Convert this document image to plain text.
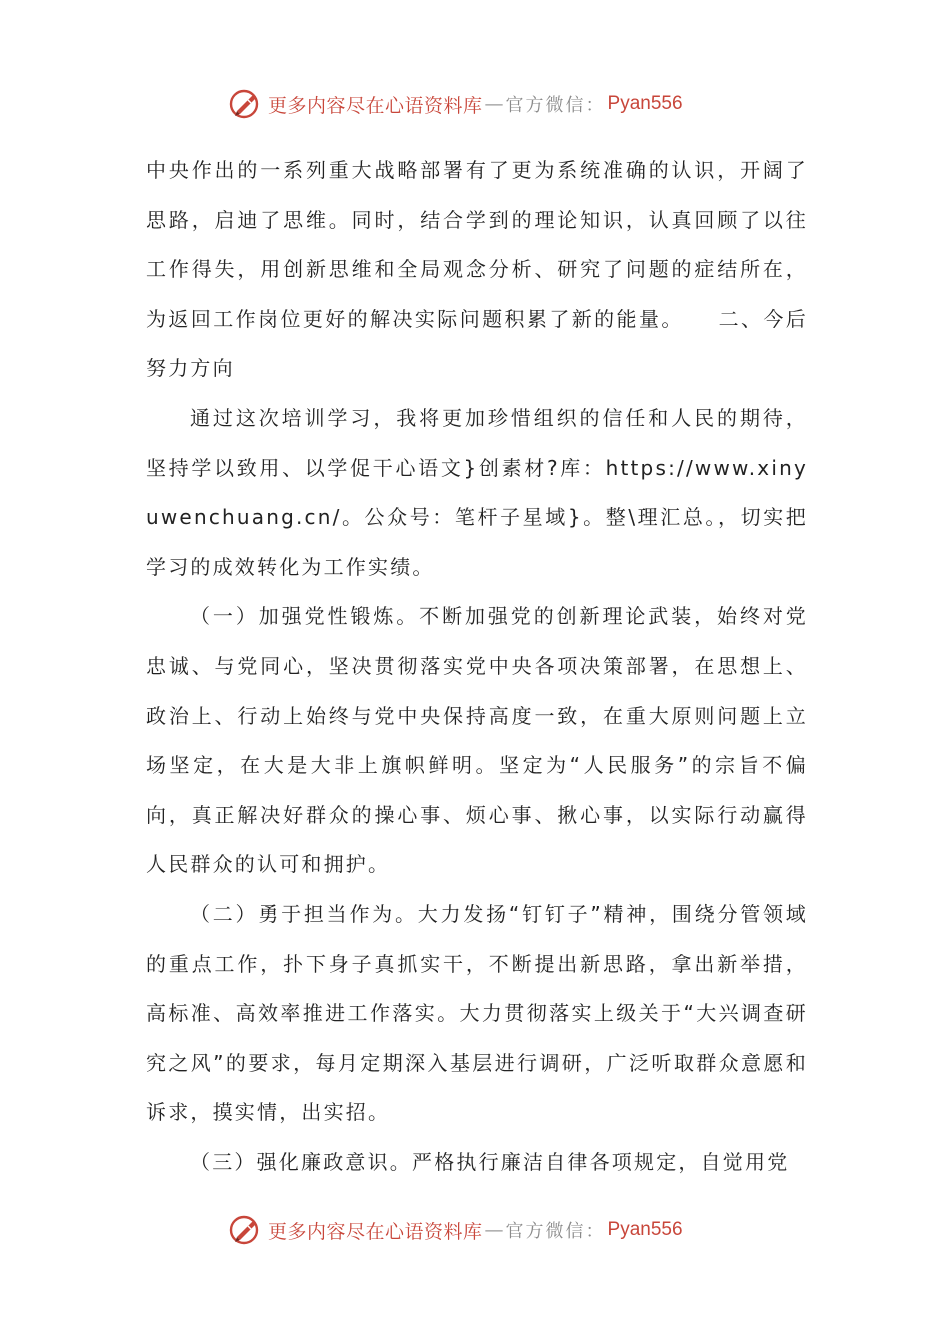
更多内容尽在心语资料库 — 官方微信： Pyan556

中央作出的一系列重大战略部署有了更为系统准确的认识，开阔了思路，启迪了思维。同时，结合学到的理论知识，认真回顾了以往工作得失，用创新思维和全局观念分析、研究了问题的症结所在，为返回工作岗位更好的解决实际问题积累了新的能量。　　二、今后努力方向

通过这次培训学习，我将更加珍惜组织的信任和人民的期待，坚持学以致用、以学促干心语文}创素材?库：https://www.xinyuwenchuang.cn/。公众号：笔杆子星域}。整\理汇总。，切实把学习的成效转化为工作实绩。

（一）加强党性锻炼。不断加强党的创新理论武装，始终对党忠诚、与党同心，坚决贯彻落实党中央各项决策部署，在思想上、政治上、行动上始终与党中央保持高度一致，在重大原则问题上立场坚定，在大是大非上旗帜鲜明。坚定为“人民服务”的宗旨不偏向，真正解决好群众的操心事、烦心事、揪心事，以实际行动赢得人民群众的认可和拥护。

（二）勇于担当作为。大力发扬“钉钉子”精神，围绕分管领域的重点工作，扑下身子真抓实干，不断提出新思路，拿出新举措，高标准、高效率推进工作落实。大力贯彻落实上级关于“大兴调查研究之风”的要求，每月定期深入基层进行调研，广泛听取群众意愿和诉求，摸实情，出实招。

（三）强化廉政意识。严格执行廉洁自律各项规定，自觉用党

更多内容尽在心语资料库 — 官方微信： Pyan556
